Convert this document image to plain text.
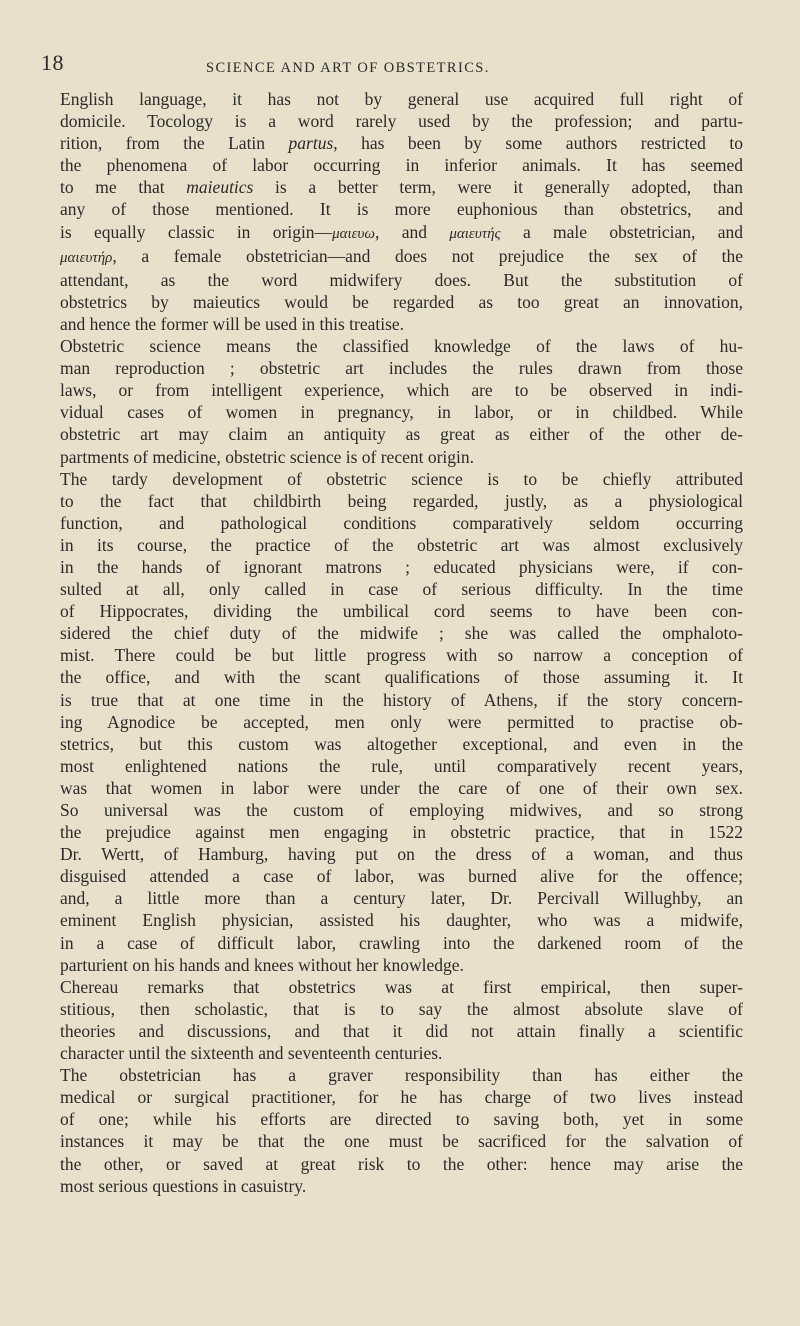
18	SCIENCE AND ART OF OBSTETRICS.
English language, it has not by general use acquired full right of
domicile. Tocology is a word rarely used by the profession; and partu-
rition, from the Latin partus, has been by some authors restricted to
the phenomena of labor occurring in inferior animals. It has seemed
to me that maieutics is a better term, were it generally adopted, than
any of those mentioned. It is more euphonious than obstetrics, and
is equally classic in origin—μαιευω, and μαιευτής a male obstetrician, and
μαιευτήρ, a female obstetrician—and does not prejudice the sex of the
attendant, as the word midwifery does. But the substitution of
obstetrics by maieutics would be regarded as too great an innovation,
and hence the former will be used in this treatise.
Obstetric science means the classified knowledge of the laws of hu-
man reproduction ; obstetric art includes the rules drawn from those
laws, or from intelligent experience, which are to be observed in indi-
vidual cases of women in pregnancy, in labor, or in childbed. While
obstetric art may claim an antiquity as great as either of the other de-
partments of medicine, obstetric science is of recent origin.
The tardy development of obstetric science is to be chiefly attributed
to the fact that childbirth being regarded, justly, as a physiological
function, and pathological conditions comparatively seldom occurring
in its course, the practice of the obstetric art was almost exclusively
in the hands of ignorant matrons ; educated physicians were, if con-
sulted at all, only called in case of serious difficulty. In the time
of Hippocrates, dividing the umbilical cord seems to have been con-
sidered the chief duty of the midwife ; she was called the omphaloto-
mist. There could be but little progress with so narrow a conception of
the office, and with the scant qualifications of those assuming it. It
is true that at one time in the history of Athens, if the story concern-
ing Agnodice be accepted, men only were permitted to practise ob-
stetrics, but this custom was altogether exceptional, and even in the
most enlightened nations the rule, until comparatively recent years,
was that women in labor were under the care of one of their own sex.
So universal was the custom of employing midwives, and so strong
the prejudice against men engaging in obstetric practice, that in 1522
Dr. Wertt, of Hamburg, having put on the dress of a woman, and thus
disguised attended a case of labor, was burned alive for the offence;
and, a little more than a century later, Dr. Percivall Willughby, an
eminent English physician, assisted his daughter, who was a midwife,
in a case of difficult labor, crawling into the darkened room of the
parturient on his hands and knees without her knowledge.
Chereau remarks that obstetrics was at first empirical, then super-
stitious, then scholastic, that is to say the almost absolute slave of
theories and discussions, and that it did not attain finally a scientific
character until the sixteenth and seventeenth centuries.
The obstetrician has a graver responsibility than has either the
medical or surgical practitioner, for he has charge of two lives instead
of one; while his efforts are directed to saving both, yet in some
instances it may be that the one must be sacrificed for the salvation of
the other, or saved at great risk to the other: hence may arise the
most serious questions in casuistry.
